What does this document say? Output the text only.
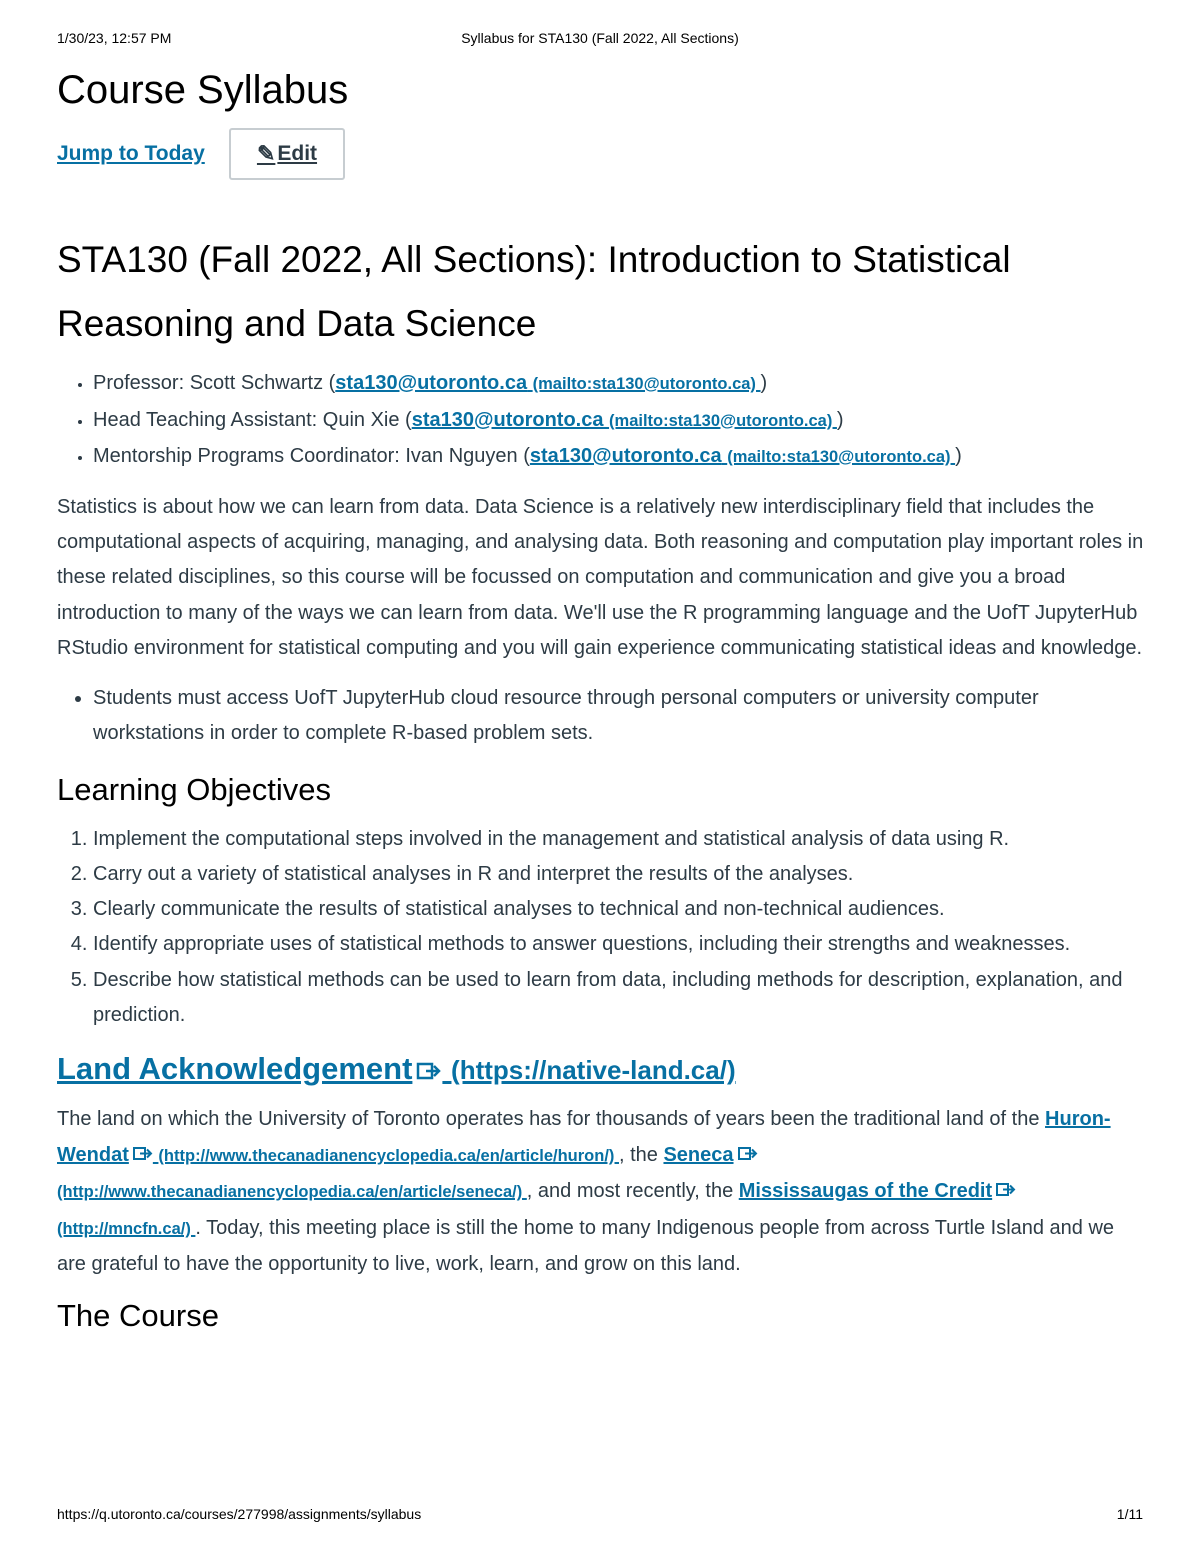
1/30/23, 12:57 PM	Syllabus for STA130 (Fall 2022, All Sections)
Course Syllabus
Jump to Today ✎ Edit
STA130 (Fall 2022, All Sections): Introduction to Statistical Reasoning and Data Science
• Professor: Scott Schwartz (sta130@utoronto.ca (mailto:sta130@utoronto.ca) )
• Head Teaching Assistant: Quin Xie (sta130@utoronto.ca (mailto:sta130@utoronto.ca) )
• Mentorship Programs Coordinator: Ivan Nguyen (sta130@utoronto.ca (mailto:sta130@utoronto.ca) )

Statistics is about how we can learn from data. Data Science is a relatively new interdisciplinary field that includes the computational aspects of acquiring, managing, and analysing data. Both reasoning and computation play important roles in these related disciplines, so this course will be focussed on computation and communication and give you a broad introduction to many of the ways we can learn from data. We'll use the R programming language and the UofT JupyterHub RStudio environment for statistical computing and you will gain experience communicating statistical ideas and knowledge.

• Students must access UofT JupyterHub cloud resource through personal computers or university computer workstations in order to complete R-based problem sets.
Learning Objectives
1. Implement the computational steps involved in the management and statistical analysis of data using R.
2. Carry out a variety of statistical analyses in R and interpret the results of the analyses.
3. Clearly communicate the results of statistical analyses to technical and non-technical audiences.
4. Identify appropriate uses of statistical methods to answer questions, including their strengths and weaknesses.
5. Describe how statistical methods can be used to learn from data, including methods for description, explanation, and prediction.
Land Acknowledgement (https://native-land.ca/)

The land on which the University of Toronto operates has for thousands of years been the traditional land of the Huron-Wendat (http://www.thecanadianencyclopedia.ca/en/article/huron/) , the Seneca (http://www.thecanadianencyclopedia.ca/en/article/seneca/) , and most recently, the Mississaugas of the Credit (http://mncfn.ca/) . Today, this meeting place is still the home to many Indigenous people from across Turtle Island and we are grateful to have the opportunity to live, work, learn, and grow on this land.

The Course
https://q.utoronto.ca/courses/277998/assignments/syllabus	1/11
